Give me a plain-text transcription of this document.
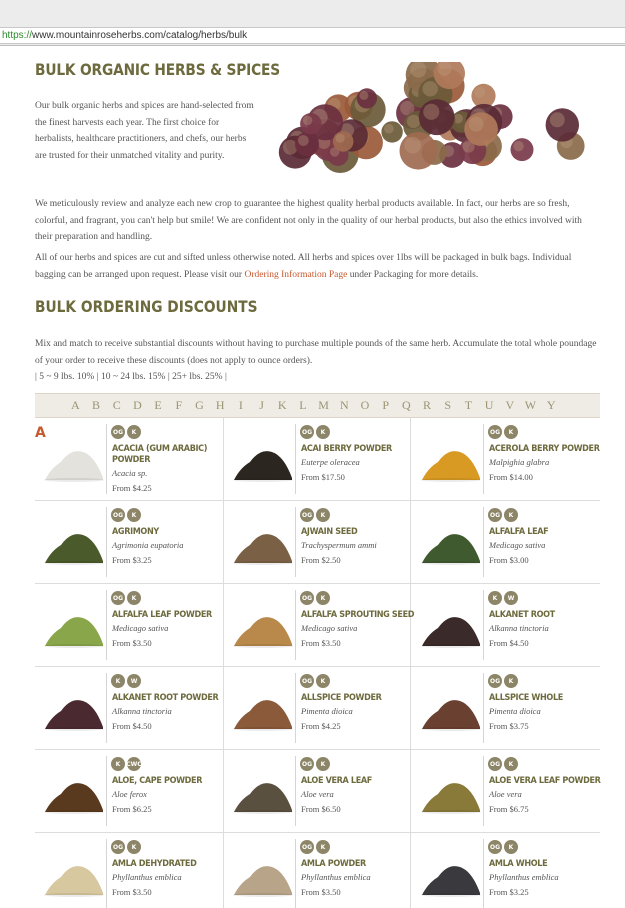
https://www.mountainroseherbs.com/catalog/herbs/bulk
BULK ORGANIC HERBS & SPICES

Our bulk organic herbs and spices are hand-selected from the finest harvests each year. The first choice for herbalists, healthcare practitioners, and chefs, our herbs are trusted for their unmatched vitality and purity.

We meticulously review and analyze each new crop to guarantee the highest quality herbal products available. In fact, our herbs are so fresh, colorful, and fragrant, you can't help but smile! We are confident not only in the quality of our herbal products, but also the ethics involved with their preparation and handling.

All of our herbs and spices are cut and sifted unless otherwise noted. All herbs and spices over 1lbs will be packaged in bulk bags. Individual bagging can be arranged upon request. Please visit our Ordering Information Page under Packaging for more details.

BULK ORDERING DISCOUNTS

Mix and match to receive substantial discounts without having to purchase multiple pounds of the same herb. Accumulate the total whole poundage of your order to receive these discounts (does not apply to ounce orders).
| 5 ~ 9 lbs. 10% | 10 ~ 24 lbs. 15% | 25+ lbs. 25% |

A	B	C	D	E	F	G	H	I	J	K	L M N	O	P	Q	R	S	T	U	V W Y
OG	K
ACACIA (GUM ARABIC)
POWDER
Acacia sp.
From $4.25
OG	K
ACAI BERRY POWDER
Euterpe oleracea
From $17.50
OG	K
ACEROLA BERRY POWDER
Malpighia glabra
From $14.00
OG	K
AGRIMONY
Agrimonia eupatoria
From $3.25
OG	K
AJWAIN SEED
Trachyspermum ammi
From $2.50
OG	K
ALFALFA LEAF
Medicago sativa
From $3.00
OG	K
ALFALFA LEAF POWDER
Medicago sativa
From $3.50
OG	K
ALFALFA SPROUTING SEED
Medicago sativa
From $3.50
K	W
ALKANET ROOT
Alkanna tinctoria
From $4.50
K	W
ALKANET ROOT POWDER
Alkanna tinctoria
From $4.50
OG	K
ALLSPICE POWDER
Pimenta dioica
From $4.25
OG	K
ALLSPICE WHOLE
Pimenta dioica
From $3.75
K CWC
ALOE, CAPE POWDER
Aloe ferox
From $6.25
OG	K
ALOE VERA LEAF
Aloe vera
From $6.50
OG	K
ALOE VERA LEAF POWDER
Aloe vera
From $6.75
OG	K
AMLA DEHYDRATED
Phyllanthus emblica
From $3.50
OG	K
AMLA POWDER
Phyllanthus emblica
From $3.50
OG	K
AMLA WHOLE
Phyllanthus emblica
From $3.25
A
